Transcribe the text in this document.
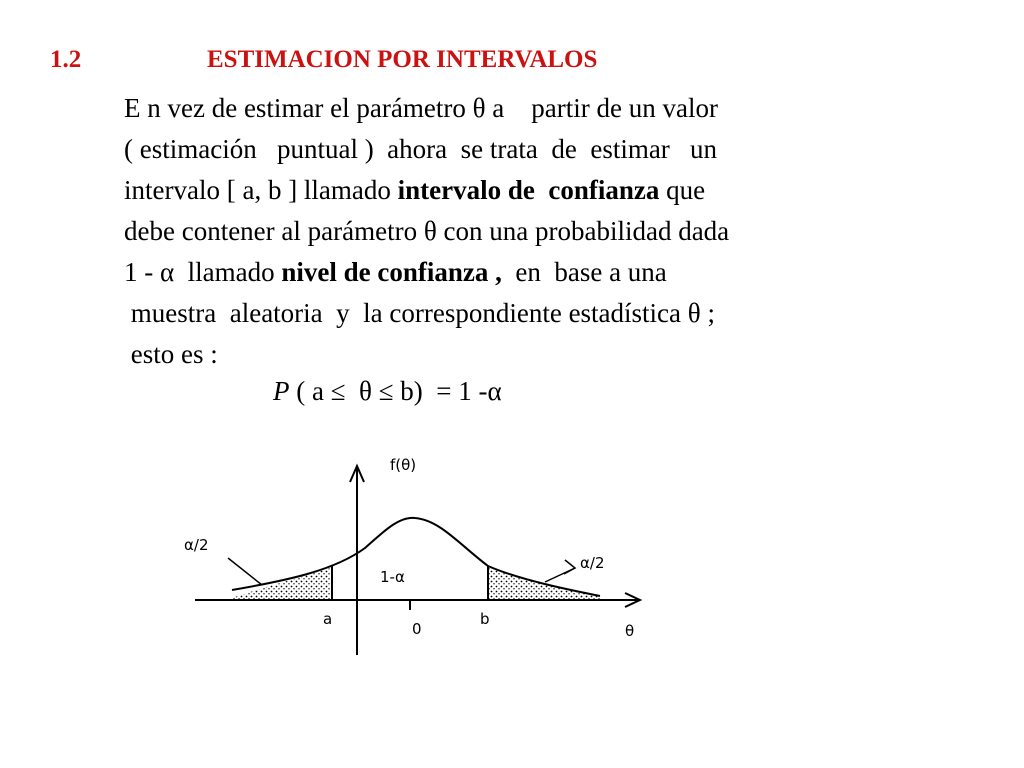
1.2	ESTIMACION POR INTERVALOS
E n vez de estimar el parámetro θ a    partir de un valor
( estimación   puntual )  ahora  se trata  de  estimar   un
intervalo [ a, b ] llamado intervalo de  confianza que
debe contener al parámetro θ con una probabilidad dada
1 - α  llamado nivel de confianza ,  en  base a una
muestra  aleatoria  y  la correspondiente estadística θ ;
esto es :
P ( a ≤  θ ≤ b)  = 1 -α
f(θ)
α/2
α/2
1-α
a
0
b
θ
